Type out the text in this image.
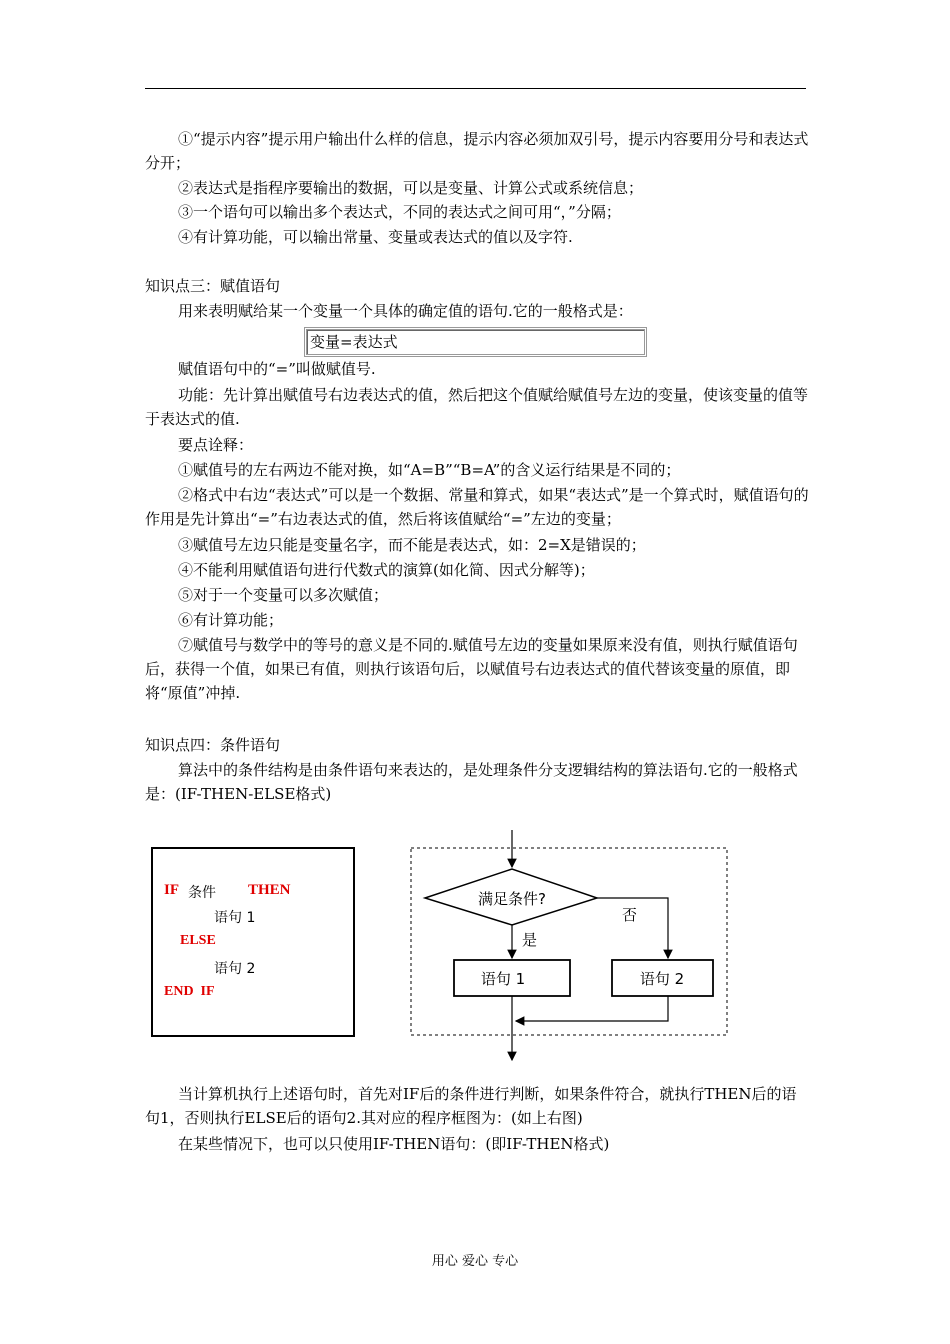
①“提示内容”提示用户输出什么样的信息，提示内容必须加双引号，提示内容要用分号和表达式分开；

②表达式是指程序要输出的数据，可以是变量、计算公式或系统信息；

③一个语句可以输出多个表达式，不同的表达式之间可用“，”分隔；

④有计算功能，可以输出常量、变量或表达式的值以及字符.

知识点三：赋值语句

用来表明赋给某一个变量一个具体的确定值的语句.它的一般格式是：

变量=表达式

赋值语句中的“=”叫做赋值号.

功能：先计算出赋值号右边表达式的值，然后把这个值赋给赋值号左边的变量，使该变量的值等于表达式的值.

要点诠释：

①赋值号的左右两边不能对换，如“A=B”“B=A”的含义运行结果是不同的；

②格式中右边“表达式”可以是一个数据、常量和算式，如果“表达式”是一个算式时，赋值语句的作用是先计算出“=”右边表达式的值，然后将该值赋给“=”左边的变量；

③赋值号左边只能是变量名字，而不能是表达式，如：2=X是错误的；

④不能利用赋值语句进行代数式的演算(如化简、因式分解等)；

⑤对于一个变量可以多次赋值；

⑥有计算功能；

⑦赋值号与数学中的等号的意义是不同的.赋值号左边的变量如果原来没有值，则执行赋值语句后，获得一个值，如果已有值，则执行该语句后，以赋值号右边表达式的值代替该变量的原值，即将“原值”冲掉.

知识点四：条件语句

算法中的条件结构是由条件语句来表达的，是处理条件分支逻辑结构的算法语句.它的一般格式是：(IF-THEN-ELSE格式)

IF 条件 THEN
语句 1
ELSE
语句 2
END  IF
满足条件?
是
否
语句 1	语句 2

当计算机执行上述语句时，首先对IF后的条件进行判断，如果条件符合，就执行THEN后的语句1，否则执行ELSE后的语句2.其对应的程序框图为：(如上右图)

在某些情况下，也可以只使用IF-THEN语句：(即IF-THEN格式)

用心 爱心 专心
